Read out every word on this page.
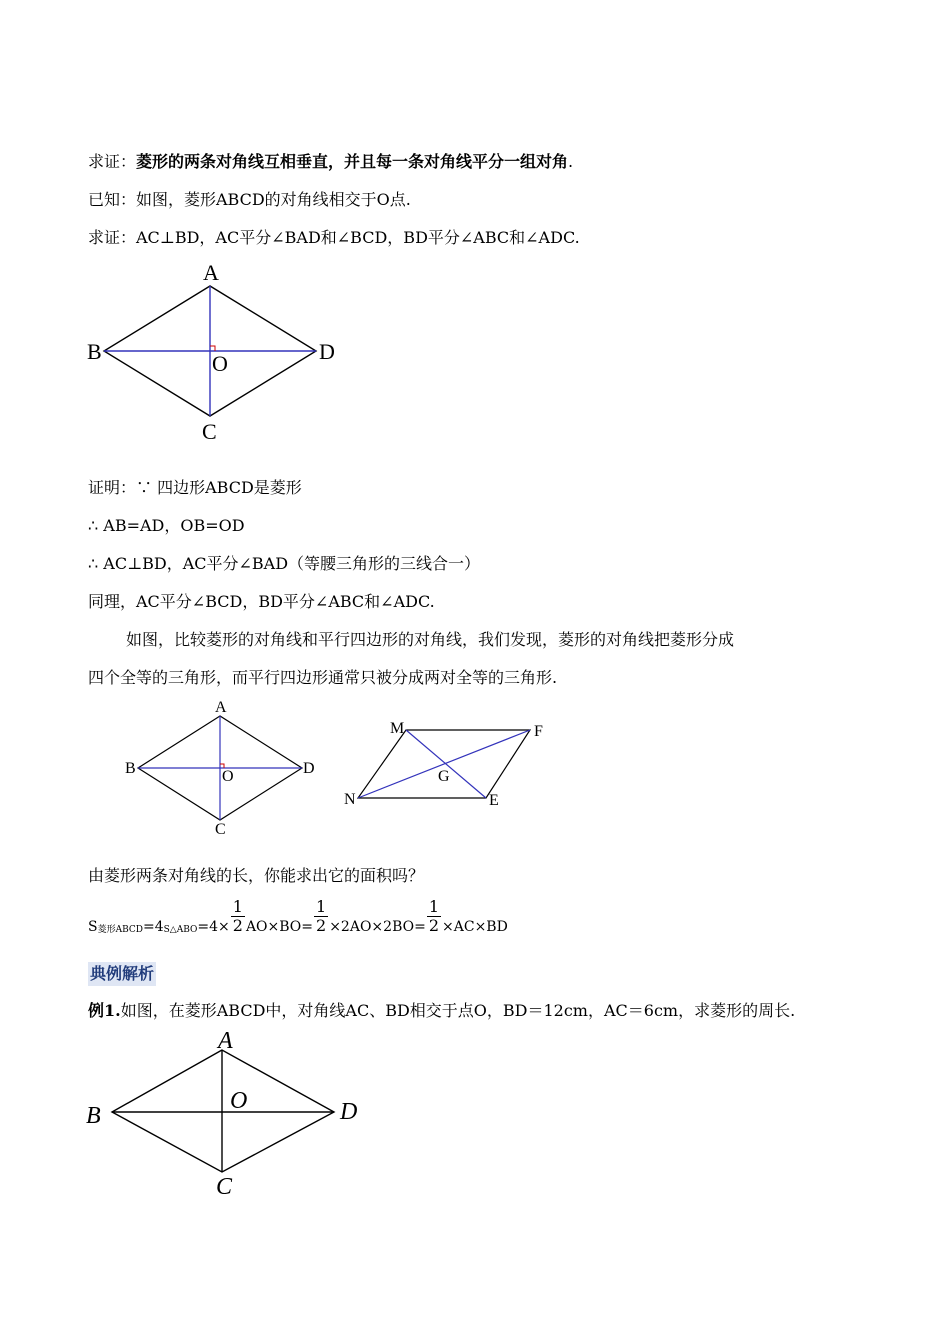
求证：菱形的两条对角线互相垂直，并且每一条对角线平分一组对角.
已知：如图，菱形ABCD的对角线相交于O点.
求证：AC⊥BD，AC平分∠BAD和∠BCD，BD平分∠ABC和∠ADC.
A
B
C
D
O
证明：∵ 四边形ABCD是菱形
∴ AB=AD，OB=OD
∴ AC⊥BD，AC平分∠BAD（等腰三角形的三线合一）
同理，AC平分∠BCD，BD平分∠ABC和∠ADC.
如图，比较菱形的对角线和平行四边形的对角线，我们发现，菱形的对角线把菱形分成
四个全等的三角形，而平行四边形通常只被分成两对全等的三角形.
A
B
C
D
O
M	F
N	E
G
由菱形两条对角线的长，你能求出它的面积吗？
S菱形ABCD=4S△ABO=4× $\frac{1}{2} AO\times BO= \frac{1}{2} \times 2AO\times 2BO= \frac{1}{2} \times AC\times BD$
典例解析
例1.如图，在菱形ABCD中，对角线AC、BD相交于点O，BD＝12cm，AC＝6cm，求菱形的周长.
A
B
C
D
O
